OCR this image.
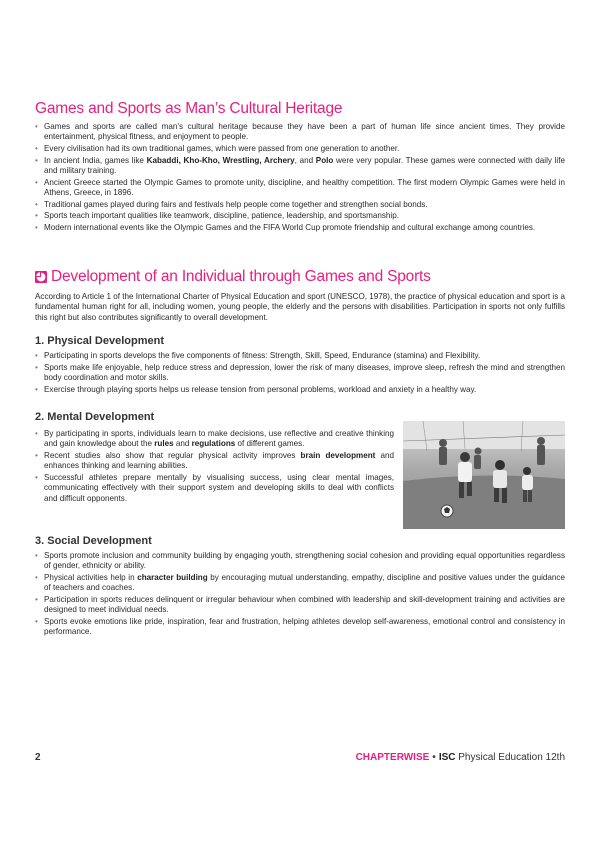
Games and Sports as Man’s Cultural Heritage
• Games and sports are called man’s cultural heritage because they have been a part of human life since ancient times. They provide entertainment, physical fitness, and enjoyment to people.
• Every civilisation had its own traditional games, which were passed from one generation to another.
• In ancient India, games like Kabaddi, Kho-Kho, Wrestling, Archery, and Polo were very popular. These games were connected with daily life and military training.
• Ancient Greece started the Olympic Games to promote unity, discipline, and healthy competition. The first modern Olympic Games were held in Athens, Greece, in 1896.
• Traditional games played during fairs and festivals help people come together and strengthen social bonds.
• Sports teach important qualities like teamwork, discipline, patience, leadership, and sportsmanship.
• Modern international events like the Olympic Games and the FIFA World Cup promote friendship and cultural exchange among countries.
Development of an Individual through Games and Sports

According to Article 1 of the International Charter of Physical Education and sport (UNESCO, 1978), the practice of physical education and sport is a fundamental human right for all, including women, young people, the elderly and the persons with disabilities. Participation in sports not only fulfills this right but also contributes significantly to overall development.

1. Physical Development
• Participating in sports develops the five components of fitness: Strength, Skill, Speed, Endurance (stamina) and Flexibility.
• Sports make life enjoyable, help reduce stress and depression, lower the risk of many diseases, improve sleep, refresh the mind and strengthen body coordination and motor skills.
• Exercise through playing sports helps us release tension from personal problems, workload and anxiety in a healthy way.
2. Mental Development
• By participating in sports, individuals learn to make decisions, use reflective and creative thinking and gain knowledge about the rules and regulations of different games.
• Recent studies also show that regular physical activity improves brain development and enhances thinking and learning abilities.
• Successful athletes prepare mentally by visualising success, using clear mental images, communicating effectively with their support system and developing skills to deal with conflicts and difficult opponents.
3. Social Development
• Sports promote inclusion and community building by engaging youth, strengthening social cohesion and providing equal opportunities regardless of gender, ethnicity or ability.
• Physical activities help in character building by encouraging mutual understanding, empathy, discipline and positive values under the guidance of teachers and coaches.
• Participation in sports reduces delinquent or irregular behaviour when combined with leadership and skill-development training and activities are designed to meet individual needs.
• Sports evoke emotions like pride, inspiration, fear and frustration, helping athletes develop self-awareness, emotional control and consistency in performance.
2	CHAPTERWISE • ISC Physical Education 12th
